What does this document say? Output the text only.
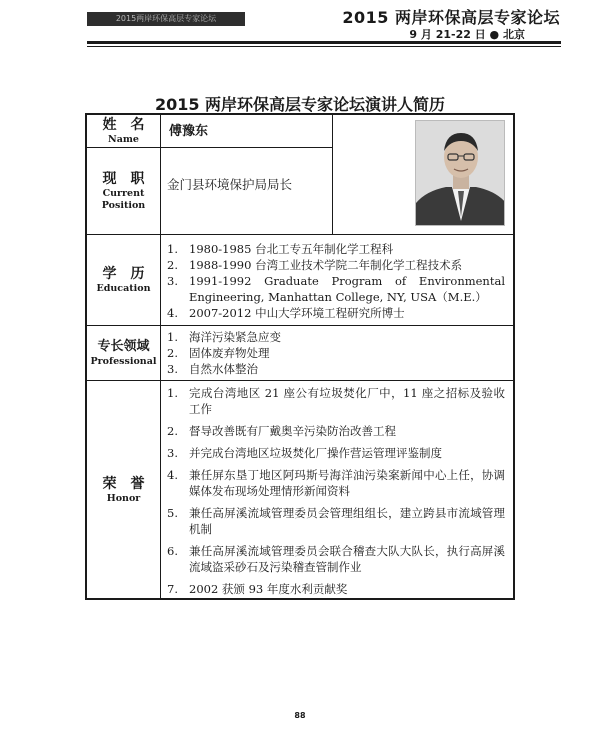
2015两岸环保高层专家论坛	2015 两岸环保高层专家论坛
9 月 21-22 日 ● 北京
2015 两岸环保高层专家论坛演讲人简历
姓名
Name
傅豫东
现职
Current
Position
金门县环境保护局局长
学历
Education
1. 1980-1985 台北工专五年制化学工程科
2. 1988-1990 台湾工业技术学院二年制化学工程技术系
3. 1991-1992 Graduate Program of Environmental Engineering, Manhattan College, NY, USA（M.E.）
4. 2007-2012 中山大学环境工程研究所博士
专长领域
Professional
1. 海洋污染紧急应变
2. 固体废弃物处理
3. 自然水体整治
荣誉
Honor
1. 完成台湾地区 21 座公有垃圾焚化厂中，11 座之招标及验收工作
2. 督导改善既有厂戴奥辛污染防治改善工程
3. 并完成台湾地区垃圾焚化厂操作营运管理评鉴制度
4. 兼任屏东垦丁地区阿玛斯号海洋油污染案新闻中心上任，协调媒体发布现场处理情形新闻资料
5. 兼任高屏溪流域管理委员会管理组组长，建立跨县市流域管理机制
6. 兼任高屏溪流域管理委员会联合稽查大队大队长，执行高屏溪流域盗采砂石及污染稽查管制作业
7. 2002 获颁 93 年度水利贡献奖
88
